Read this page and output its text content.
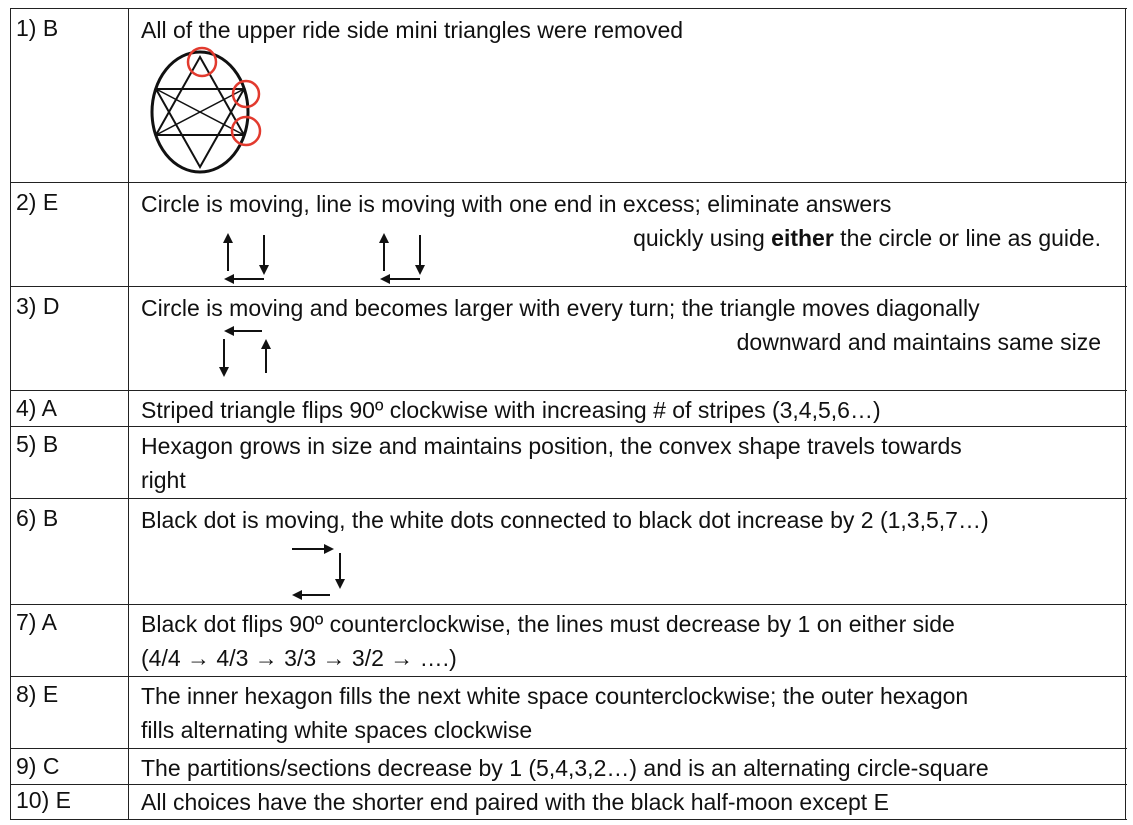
1) B	All of the upper ride side mini triangles were removed
2) E	Circle is moving, line is moving with one end in excess; eliminate answers
quickly using either the circle or line as guide.
3) D	Circle is moving and becomes larger with every turn; the triangle moves diagonally
downward and maintains same size
4) A	Striped triangle flips 90º clockwise with increasing # of stripes (3,4,5,6…)
5) B	Hexagon grows in size and maintains position, the convex shape travels towards
right
6) B	Black dot is moving, the white dots connected to black dot increase by 2 (1,3,5,7…)
7) A	Black dot flips 90º counterclockwise, the lines must decrease by 1 on either side
(4/4 → 4/3 → 3/3 → 3/2 → ….)
8) E	The inner hexagon fills the next white space counterclockwise; the outer hexagon
fills alternating white spaces clockwise
9) C	The partitions/sections decrease by 1 (5,4,3,2…) and is an alternating circle-square
10) E	All choices have the shorter end paired with the black half-moon except E
